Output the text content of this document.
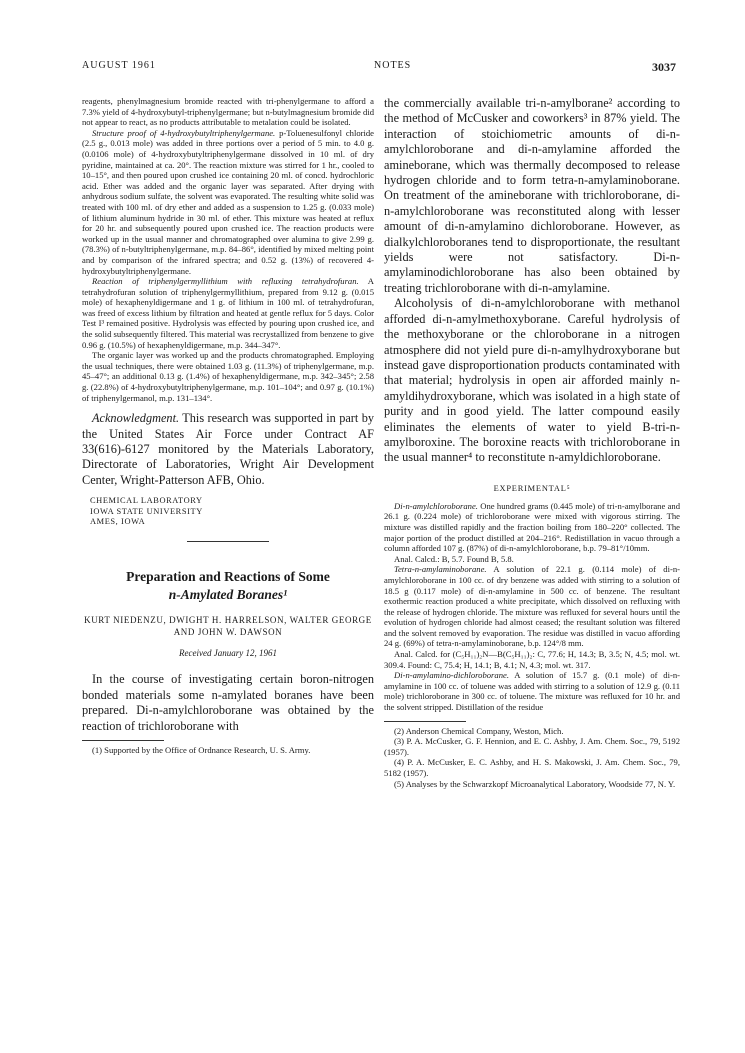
AUGUST 1961	NOTES	3037

reagents, phenylmagnesium bromide reacted with tri-phenylgermane to afford a 7.3% yield of 4-hydroxybutyl-triphenylgermane; but n-butylmagnesium bromide did not appear to react, as no products attributable to metalation could be isolated.

Structure proof of 4-hydroxybutyltriphenylgermane. p-Toluenesulfonyl chloride (2.5 g., 0.013 mole) was added in three portions over a period of 5 min. to 4.0 g. (0.0106 mole) of 4-hydroxybutyltriphenylgermane dissolved in 10 ml. of dry pyridine, maintained at ca. 20°. The reaction mixture was stirred for 1 hr., cooled to 10–15°, and then poured upon crushed ice containing 20 ml. of concd. hydrochloric acid. Ether was added and the organic layer was separated. After drying with anhydrous sodium sulfate, the solvent was evaporated. The resulting white solid was treated with 100 ml. of dry ether and added as a suspension to 1.25 g. (0.033 mole) of lithium aluminum hydride in 30 ml. of ether. This mixture was heated at reflux for 20 hr. and subsequently poured upon crushed ice. The reaction products were worked up in the usual manner and chromatographed over alumina to give 2.99 g. (78.3%) of n-butyltriphenylgermane, m.p. 84–86°, identified by mixed melting point and by comparison of the infrared spectra; and 0.52 g. (13%) of recovered 4-hydroxybutyltriphenylgermane.

Reaction of triphenylgermyllithium with refluxing tetrahydrofuran. A tetrahydrofuran solution of triphenylgermyllithium, prepared from 9.12 g. (0.015 mole) of hexaphenyldigermane and 1 g. of lithium in 100 ml. of tetrahydrofuran, was freed of excess lithium by filtration and heated at gentle reflux for 5 days. Color Test I³ remained positive. Hydrolysis was effected by pouring upon crushed ice, and the solid subsequently filtered. This material was recrystallized from benzene to give 0.96 g. (10.5%) of hexaphenyldigermane, m.p. 344–347°.

The organic layer was worked up and the products chromatographed. Employing the usual techniques, there were obtained 1.03 g. (11.3%) of triphenylgermane, m.p. 45–47°; an additional 0.13 g. (1.4%) of hexaphenyldigermane, m.p. 342–345°; 2.58 g. (22.8%) of 4-hydroxybutyltriphenylgermane, m.p. 101–104°; and 0.97 g. (10.1%) of triphenylgermanol, m.p. 131–134°.

Acknowledgment. This research was supported in part by the United States Air Force under Contract AF 33(616)-6127 monitored by the Materials Laboratory, Directorate of Laboratories, Wright Air Development Center, Wright-Patterson AFB, Ohio.

CHEMICAL LABORATORY
IOWA STATE UNIVERSITY
AMES, IOWA
Preparation and Reactions of Some
n-Amylated Boranes¹
KURT NIEDENZU, DWIGHT H. HARRELSON, WALTER GEORGE
AND JOHN W. DAWSON
Received January 12, 1961

In the course of investigating certain boron-nitrogen bonded materials some n-amylated boranes have been prepared. Di-n-amylchloroborane was obtained by the reaction of trichloroborane with

(1) Supported by the Office of Ordnance Research, U. S. Army.

the commercially available tri-n-amylborane² according to the method of McCusker and coworkers³ in 87% yield. The interaction of stoichiometric amounts of di-n-amylchloroborane and di-n-amylamine afforded the amineborane, which was thermally decomposed to release hydrogen chloride and to form tetra-n-amylaminoborane. On treatment of the amineborane with trichloroborane, di-n-amylchloroborane was reconstituted along with lesser amount of di-n-amylamino dichloroborane. However, as dialkylchloroboranes tend to disproportionate, the resultant yields were not satisfactory. Di-n-amylaminodichloroborane has also been obtained by treating trichloroborane with di-n-amylamine.

Alcoholysis of di-n-amylchloroborane with methanol afforded di-n-amylmethoxyborane. Careful hydrolysis of the methoxyborane or the chloroborane in a nitrogen atmosphere did not yield pure di-n-amylhydroxyborane but instead gave disproportionation products contaminated with that material; hydrolysis in open air afforded mainly n-amyldihydroxyborane, which was isolated in a high state of purity and in good yield. The latter compound easily eliminates the elements of water to yield B-tri-n-amylboroxine. The boroxine reacts with trichloroborane in the usual manner⁴ to reconstitute n-amyldichloroborane.

EXPERIMENTAL⁵

Di-n-amylchloroborane. One hundred grams (0.445 mole) of tri-n-amylborane and 26.1 g. (0.224 mole) of trichloroborane were mixed with vigorous stirring. The mixture was distilled rapidly and the fraction boiling from 180–220° collected. The major portion of the product distilled at 204–216°. Redistillation in vacuo through a column afforded 107 g. (87%) of di-n-amylchloroborane, b.p. 79–81°/10mm.

Anal. Calcd.: B, 5.7. Found B, 5.8.

Tetra-n-amylaminoborane. A solution of 22.1 g. (0.114 mole) of di-n-amylchloroborane in 100 cc. of dry benzene was added with stirring to a solution of 18.5 g (0.117 mole) of di-n-amylamine in 500 cc. of benzene. The resultant exothermic reaction produced a white precipitate, which dissolved on refluxing with the release of hydrogen chloride. The mixture was refluxed for several hours until the evolution of hydrogen chloride had almost ceased; the resultant solution was filtered and the solvent removed by evaporation. The residue was distilled in vacuo affording 24 g. (69%) of tetra-n-amylaminoborane, b.p. 124°/8 mm.

Anal. Calcd. for (C₅H₁₁)₂N—B(C₅H₁₁)₂: C, 77.6; H, 14.3; B, 3.5; N, 4.5; mol. wt. 309.4. Found: C, 75.4; H, 14.1; B, 4.1; N, 4.3; mol. wt. 317.

Di-n-amylamino-dichloroborane. A solution of 15.7 g. (0.1 mole) of di-n-amylamine in 100 cc. of toluene was added with stirring to a solution of 12.9 g. (0.11 mole) trichloroborane in 300 cc. of toluene. The mixture was refluxed for 10 hr. and the solvent stripped. Distillation of the residue

(2) Anderson Chemical Company, Weston, Mich.

(3) P. A. McCusker, G. F. Hennion, and E. C. Ashby, J. Am. Chem. Soc., 79, 5192 (1957).

(4) P. A. McCusker, E. C. Ashby, and H. S. Makowski, J. Am. Chem. Soc., 79, 5182 (1957).

(5) Analyses by the Schwarzkopf Microanalytical Laboratory, Woodside 77, N. Y.
